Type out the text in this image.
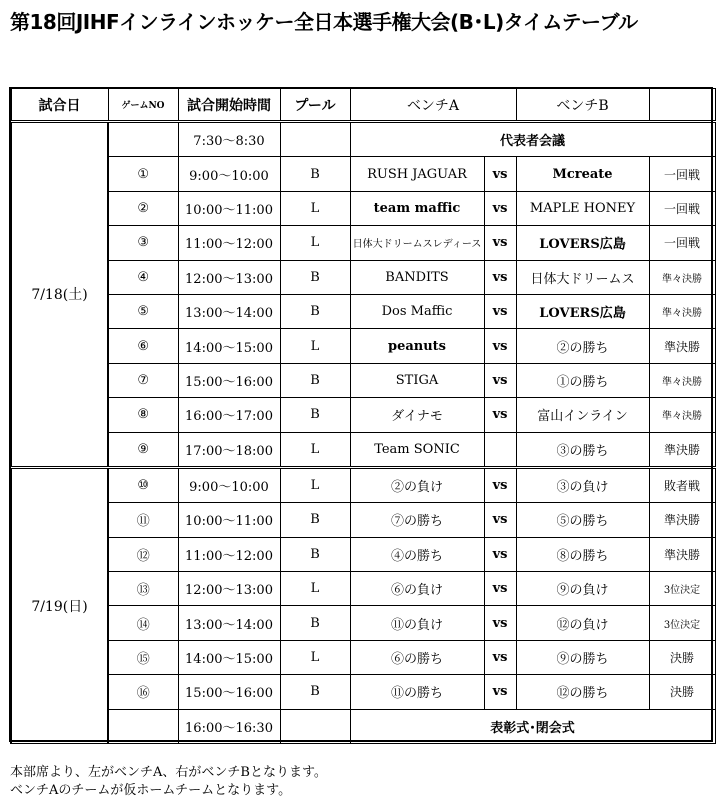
第18回JIHFインラインホッケー全日本選手権大会(B･L)タイムテーブル
試合日	ゲームNO	試合開始時間	プール	ベンチA		ベンチB	
7/18(土)		7:30～8:30		代表者会議			
	①	9:00～10:00	B	RUSH JAGUAR	vs	Mcreate	一回戦
	②	10:00～11:00	L	team maffic	vs	MAPLE HONEY	一回戦
	③	11:00～12:00	L	日体大ドリームスレディース	vs	LOVERS広島	一回戦
	④	12:00～13:00	B	BANDITS	vs	日体大ドリームス	準々決勝
	⑤	13:00～14:00	B	Dos Maffic	vs	LOVERS広島	準々決勝
	⑥	14:00～15:00	L	peanuts	vs	②の勝ち	準決勝
	⑦	15:00～16:00	B	STIGA	vs	①の勝ち	準々決勝
	⑧	16:00～17:00	B	ダイナモ	vs	富山インライン	準々決勝
	⑨	17:00～18:00	L	Team SONIC		③の勝ち	準決勝
7/19(日)	⑩	9:00～10:00	L	②の負け	vs	③の負け	敗者戦
	⑪	10:00～11:00	B	⑦の勝ち	vs	⑤の勝ち	準決勝
	⑫	11:00～12:00	B	④の勝ち	vs	⑧の勝ち	準決勝
	⑬	12:00～13:00	L	⑥の負け	vs	⑨の負け	3位決定
	⑭	13:00～14:00	B	⑪の負け	vs	⑫の負け	3位決定
	⑮	14:00～15:00	L	⑥の勝ち	vs	⑨の勝ち	決勝
	⑯	15:00～16:00	B	⑪の勝ち	vs	⑫の勝ち	決勝
		16:00～16:30		表彰式･閉会式			
本部席より、左がベンチA、右がベンチBとなります。
ベンチAのチームが仮ホームチームとなります。
